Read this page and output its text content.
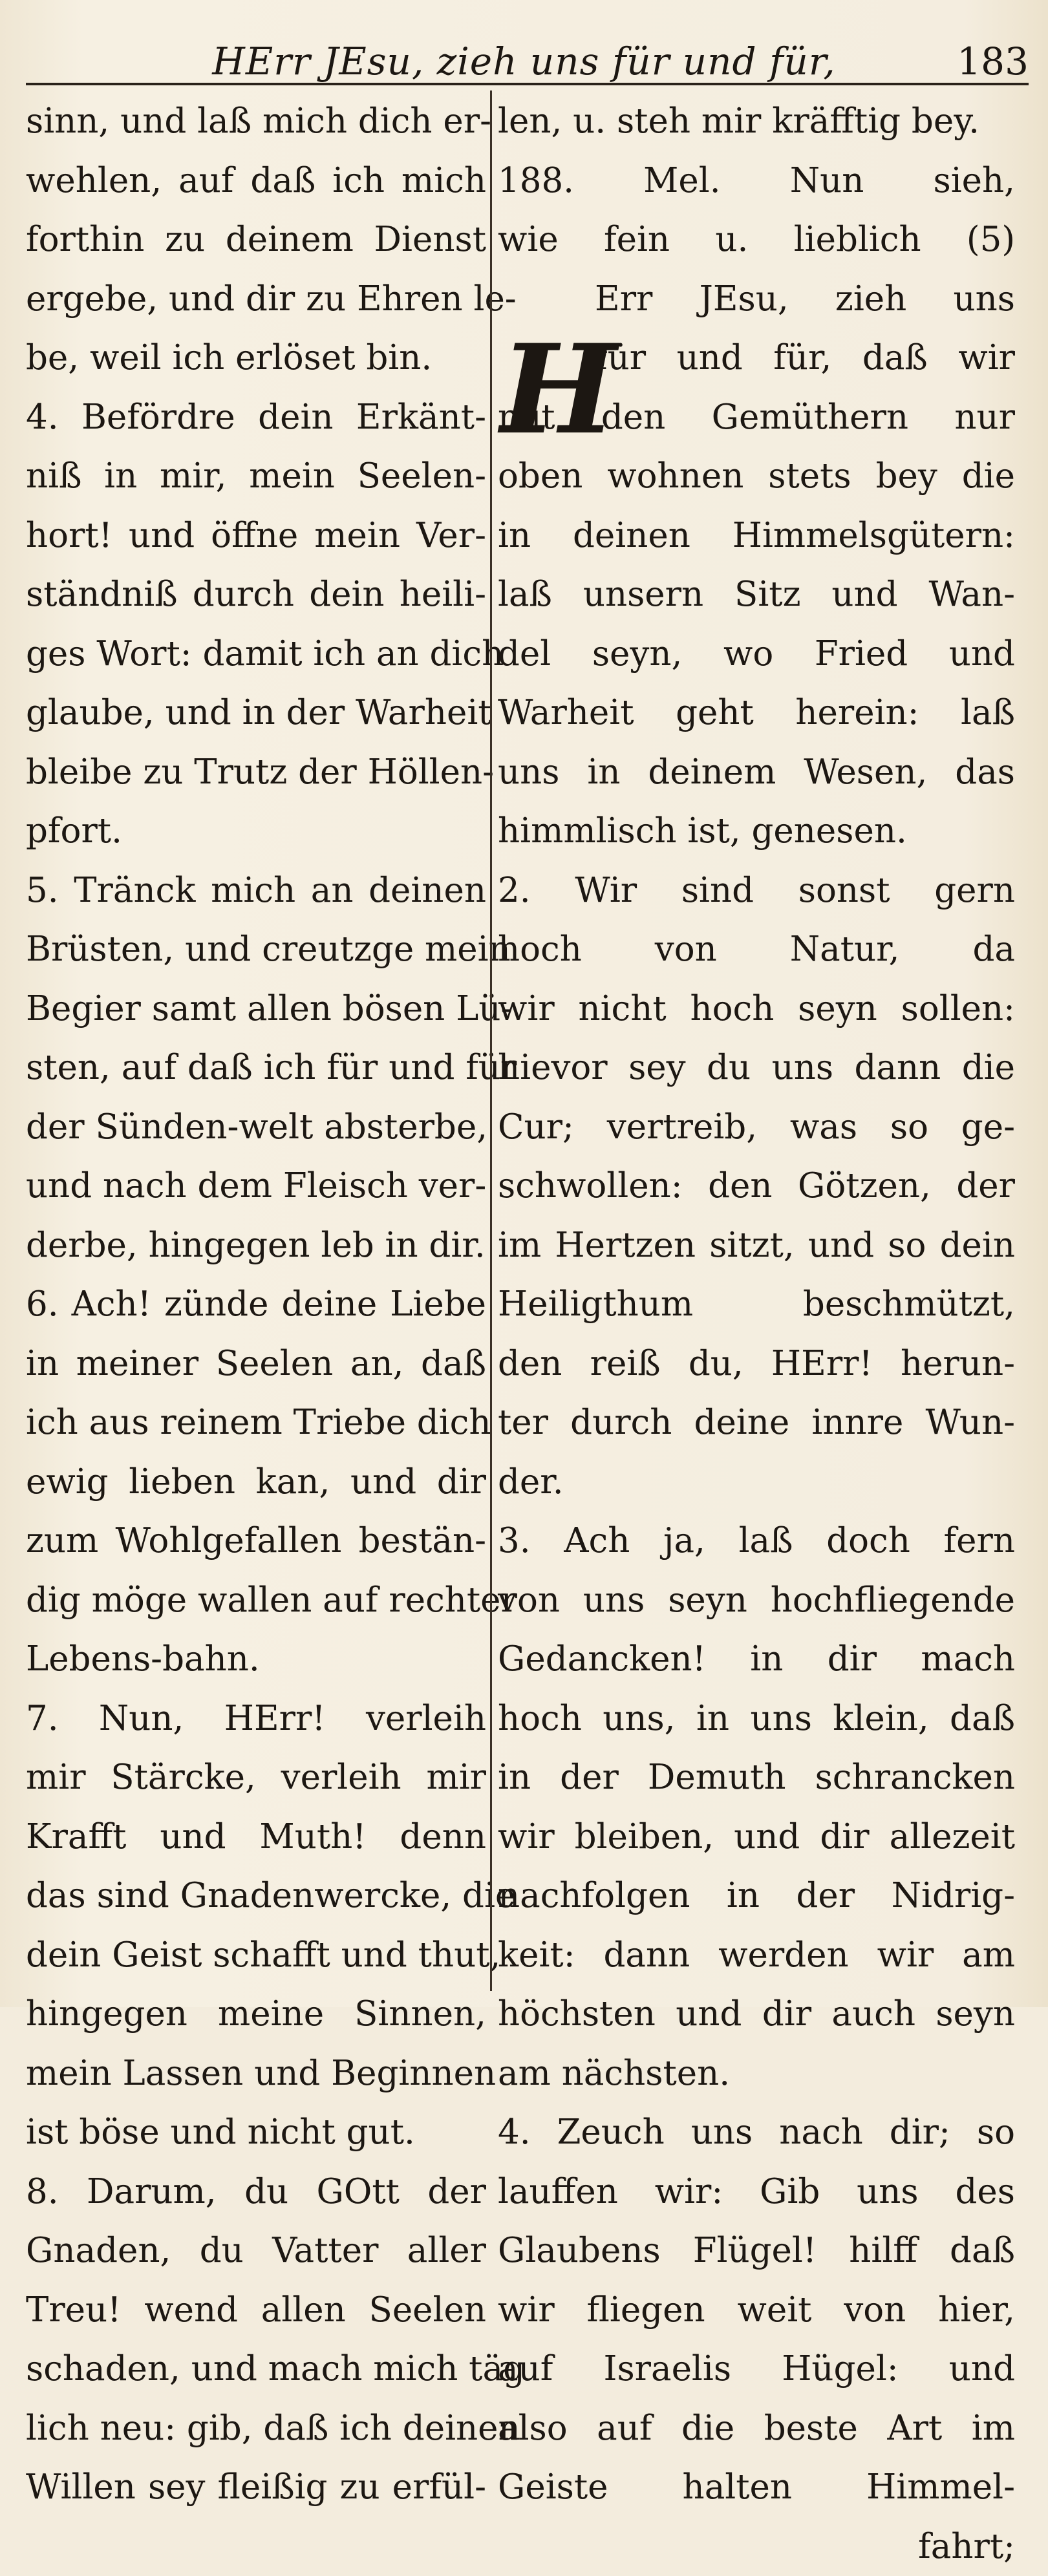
HErr JEsu, zieh uns für und für,	183
sinn, und laß mich dich er-
wehlen, auf daß ich mich
forthin zu deinem Dienst
ergebe, und dir zu Ehren le-
be, weil ich erlöset bin.
4. Befördre dein Erkänt-
niß in mir, mein Seelen-
hort! und öffne mein Ver-
ständniß durch dein heili-
ges Wort: damit ich an dich
glaube, und in der Warheit
bleibe zu Trutz der Höllen-
pfort.
5. Tränck mich an deinen
Brüsten, und creutzge mein
Begier samt allen bösen Lü-
sten, auf daß ich für und für
der Sünden-welt absterbe,
und nach dem Fleisch ver-
derbe, hingegen leb in dir.
6. Ach! zünde deine Liebe
in meiner Seelen an, daß
ich aus reinem Triebe dich
ewig lieben kan, und dir
zum Wohlgefallen bestän-
dig möge wallen auf rechter
Lebens-bahn.
7. Nun, HErr! verleih
mir Stärcke, verleih mir
Krafft und Muth! denn
das sind Gnadenwercke, die
dein Geist schafft und thut,
hingegen meine Sinnen,
mein Lassen und Beginnen
ist böse und nicht gut.
8. Darum, du GOtt der
Gnaden, du Vatter aller
Treu! wend allen Seelen
schaden, und mach mich täg
lich neu: gib, daß ich deinen
Willen sey fleißig zu erfül-
H
len, u. steh mir kräfftig bey.
188. Mel. Nun sieh,
wie fein u. lieblich (5)
Err JEsu, zieh uns
für und für, daß wir
mit den Gemüthern nur
oben wohnen stets bey die
in deinen Himmelsgütern:
laß unsern Sitz und Wan-
del seyn, wo Fried und
Warheit geht herein: laß
uns in deinem Wesen, das
himmlisch ist, genesen.
2. Wir sind sonst gern
hoch von Natur, da
wir nicht hoch seyn sollen:
hievor sey du uns dann die
Cur; vertreib, was so ge-
schwollen: den Götzen, der
im Hertzen sitzt, und so dein
Heiligthum beschmützt,
den reiß du, HErr! herun-
ter durch deine innre Wun-
der.
3. Ach ja, laß doch fern
von uns seyn hochfliegende
Gedancken! in dir mach
hoch uns, in uns klein, daß
in der Demuth schrancken
wir bleiben, und dir allezeit
nachfolgen in der Nidrig-
keit: dann werden wir am
höchsten und dir auch seyn
am nächsten.
4. Zeuch uns nach dir; so
lauffen wir: Gib uns des
Glaubens Flügel! hilff daß
wir fliegen weit von hier,
auf Israelis Hügel: und
also auf die beste Art im
Geiste halten Himmel-
fahrt;
